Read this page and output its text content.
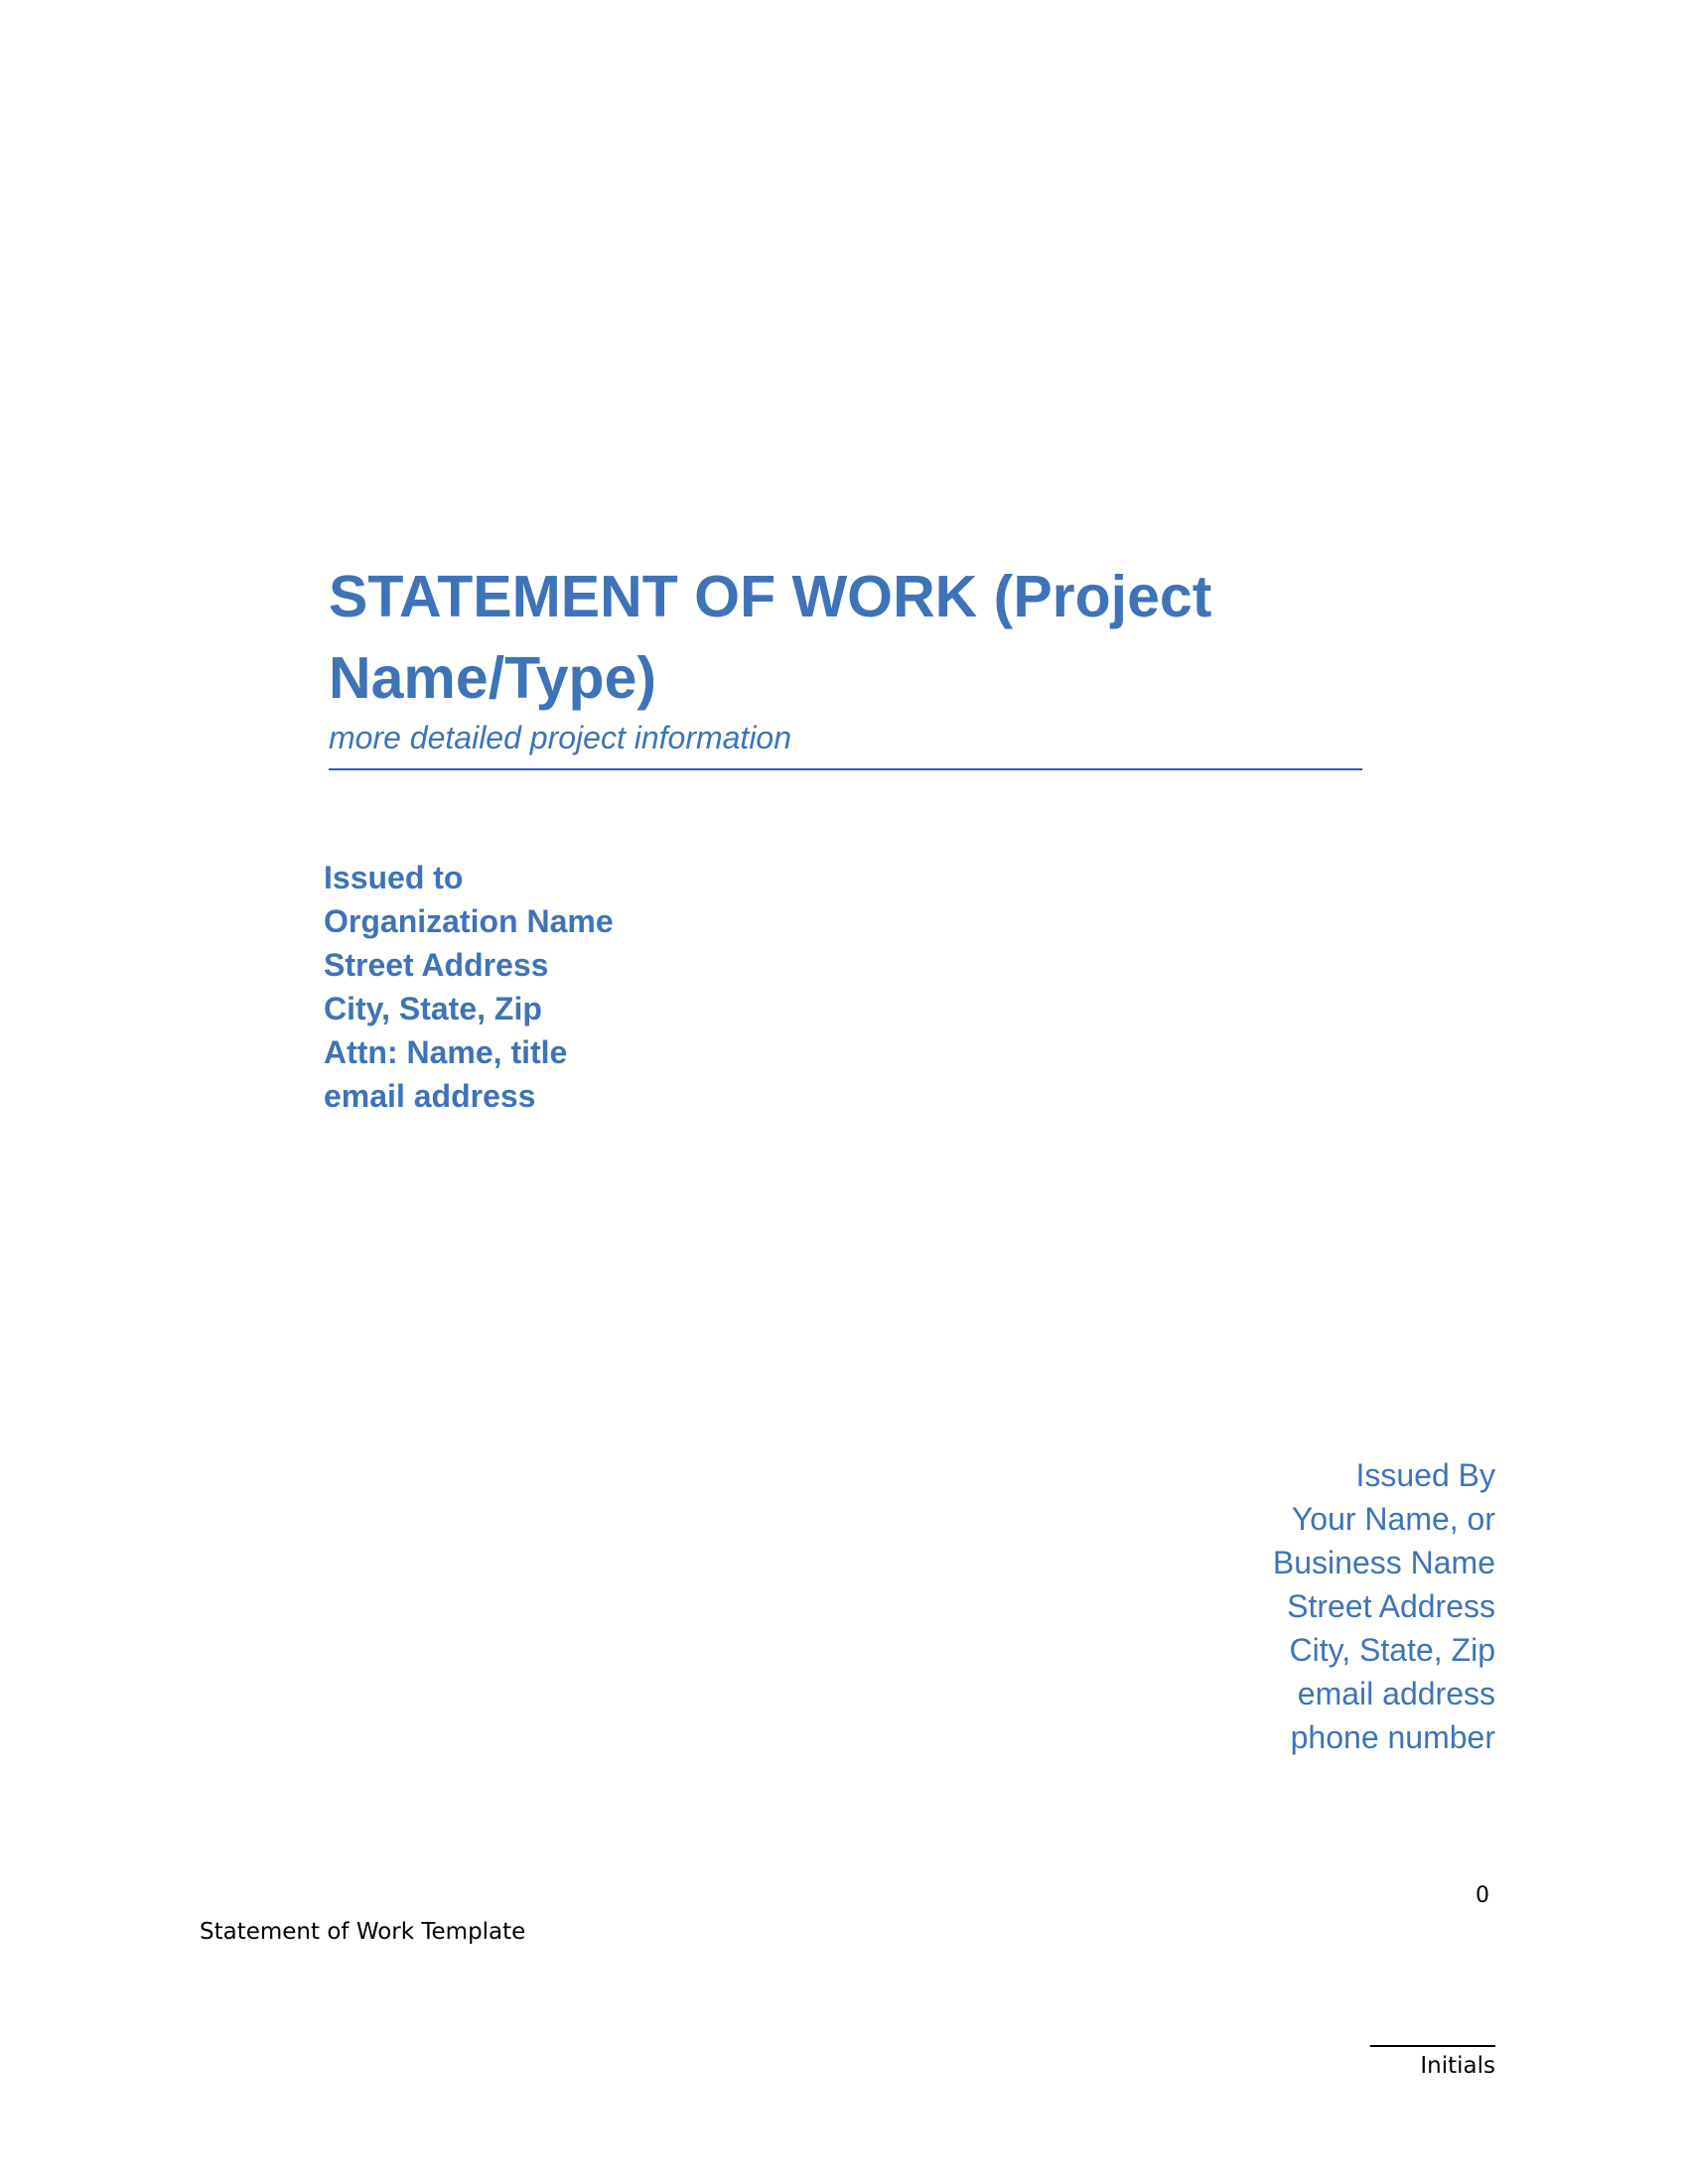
STATEMENT OF WORK (Project Name/Type)
more detailed project information
Issued to
Organization Name
Street Address
City, State, Zip
Attn: Name, title
email address
Issued By
Your Name, or
Business Name
Street Address
City, State, Zip
email address
phone number
0
Statement of Work Template
Initials
